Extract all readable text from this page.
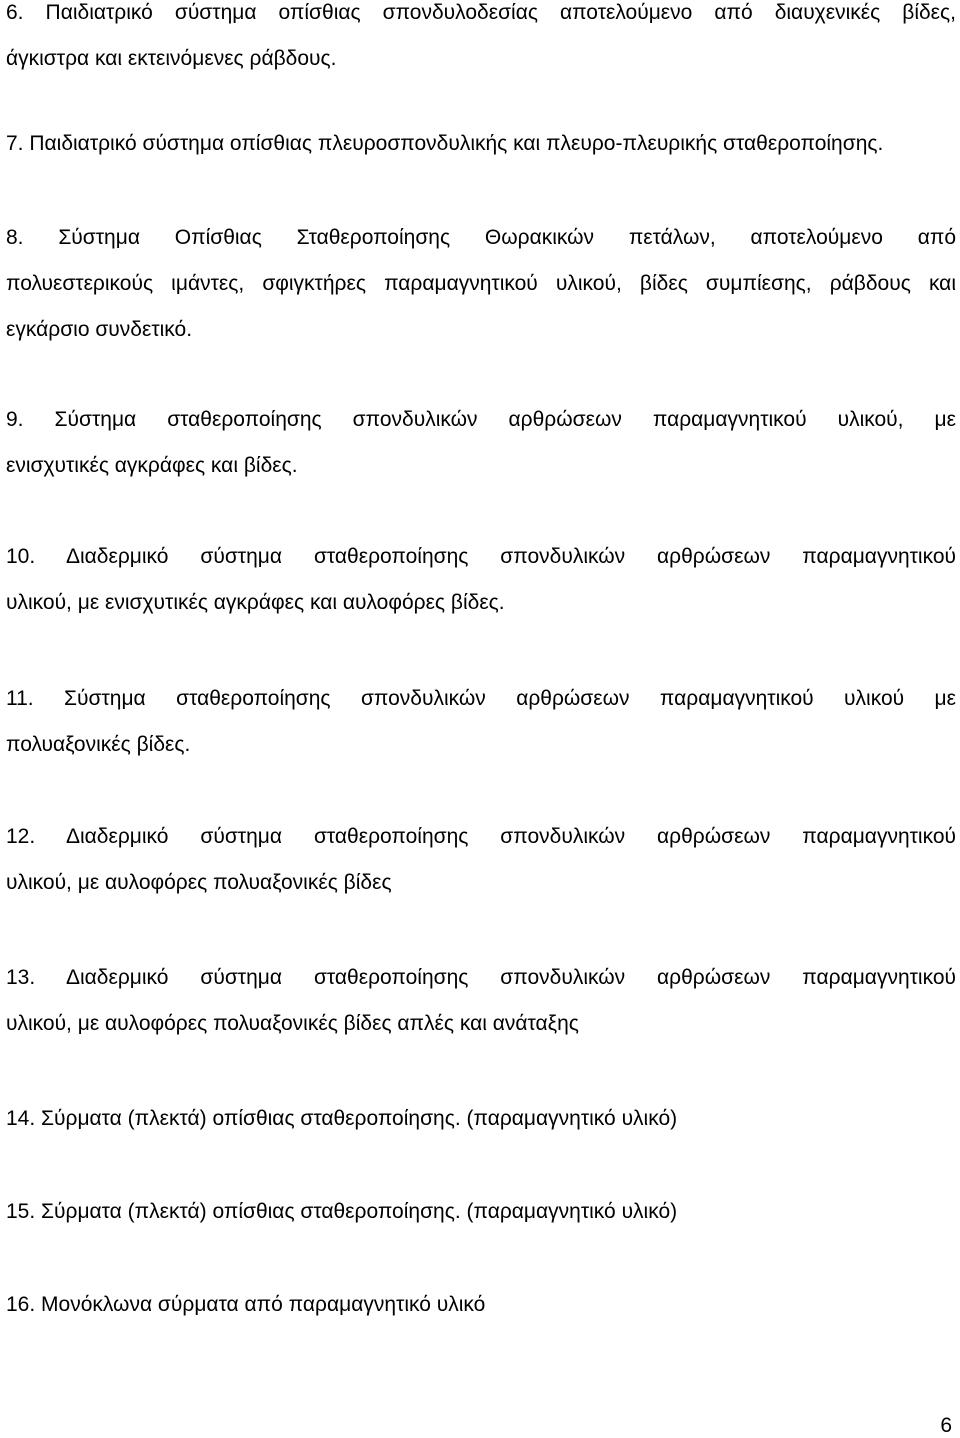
6. Παιδιατρικό σύστημα οπίσθιας σπονδυλοδεσίας αποτελούμενο από διαυχενικές βίδες,
άγκιστρα και εκτεινόμενες ράβδους.
7. Παιδιατρικό σύστημα οπίσθιας πλευροσπονδυλικής και πλευρο-πλευρικής σταθεροποίησης.
8. Σύστημα Οπίσθιας Σταθεροποίησης Θωρακικών πετάλων, αποτελούμενο από
πολυεστερικούς ιμάντες, σφιγκτήρες παραμαγνητικού υλικού, βίδες συμπίεσης, ράβδους και
εγκάρσιο συνδετικό.
9. Σύστημα σταθεροποίησης σπονδυλικών αρθρώσεων παραμαγνητικού υλικού, με
ενισχυτικές αγκράφες και βίδες.
10. Διαδερμικό σύστημα σταθεροποίησης σπονδυλικών αρθρώσεων παραμαγνητικού
υλικού, με ενισχυτικές αγκράφες και αυλοφόρες βίδες.
11. Σύστημα σταθεροποίησης σπονδυλικών αρθρώσεων παραμαγνητικού υλικού με
πολυαξονικές βίδες.
12. Διαδερμικό σύστημα σταθεροποίησης σπονδυλικών αρθρώσεων παραμαγνητικού
υλικού, με αυλοφόρες πολυαξονικές βίδες
13. Διαδερμικό σύστημα σταθεροποίησης σπονδυλικών αρθρώσεων παραμαγνητικού
υλικού, με αυλοφόρες πολυαξονικές βίδες απλές και ανάταξης
14. Σύρματα (πλεκτά) οπίσθιας σταθεροποίησης. (παραμαγνητικό υλικό)
15. Σύρματα (πλεκτά) οπίσθιας σταθεροποίησης. (παραμαγνητικό υλικό)
16. Μονόκλωνα σύρματα από παραμαγνητικό υλικό
6
